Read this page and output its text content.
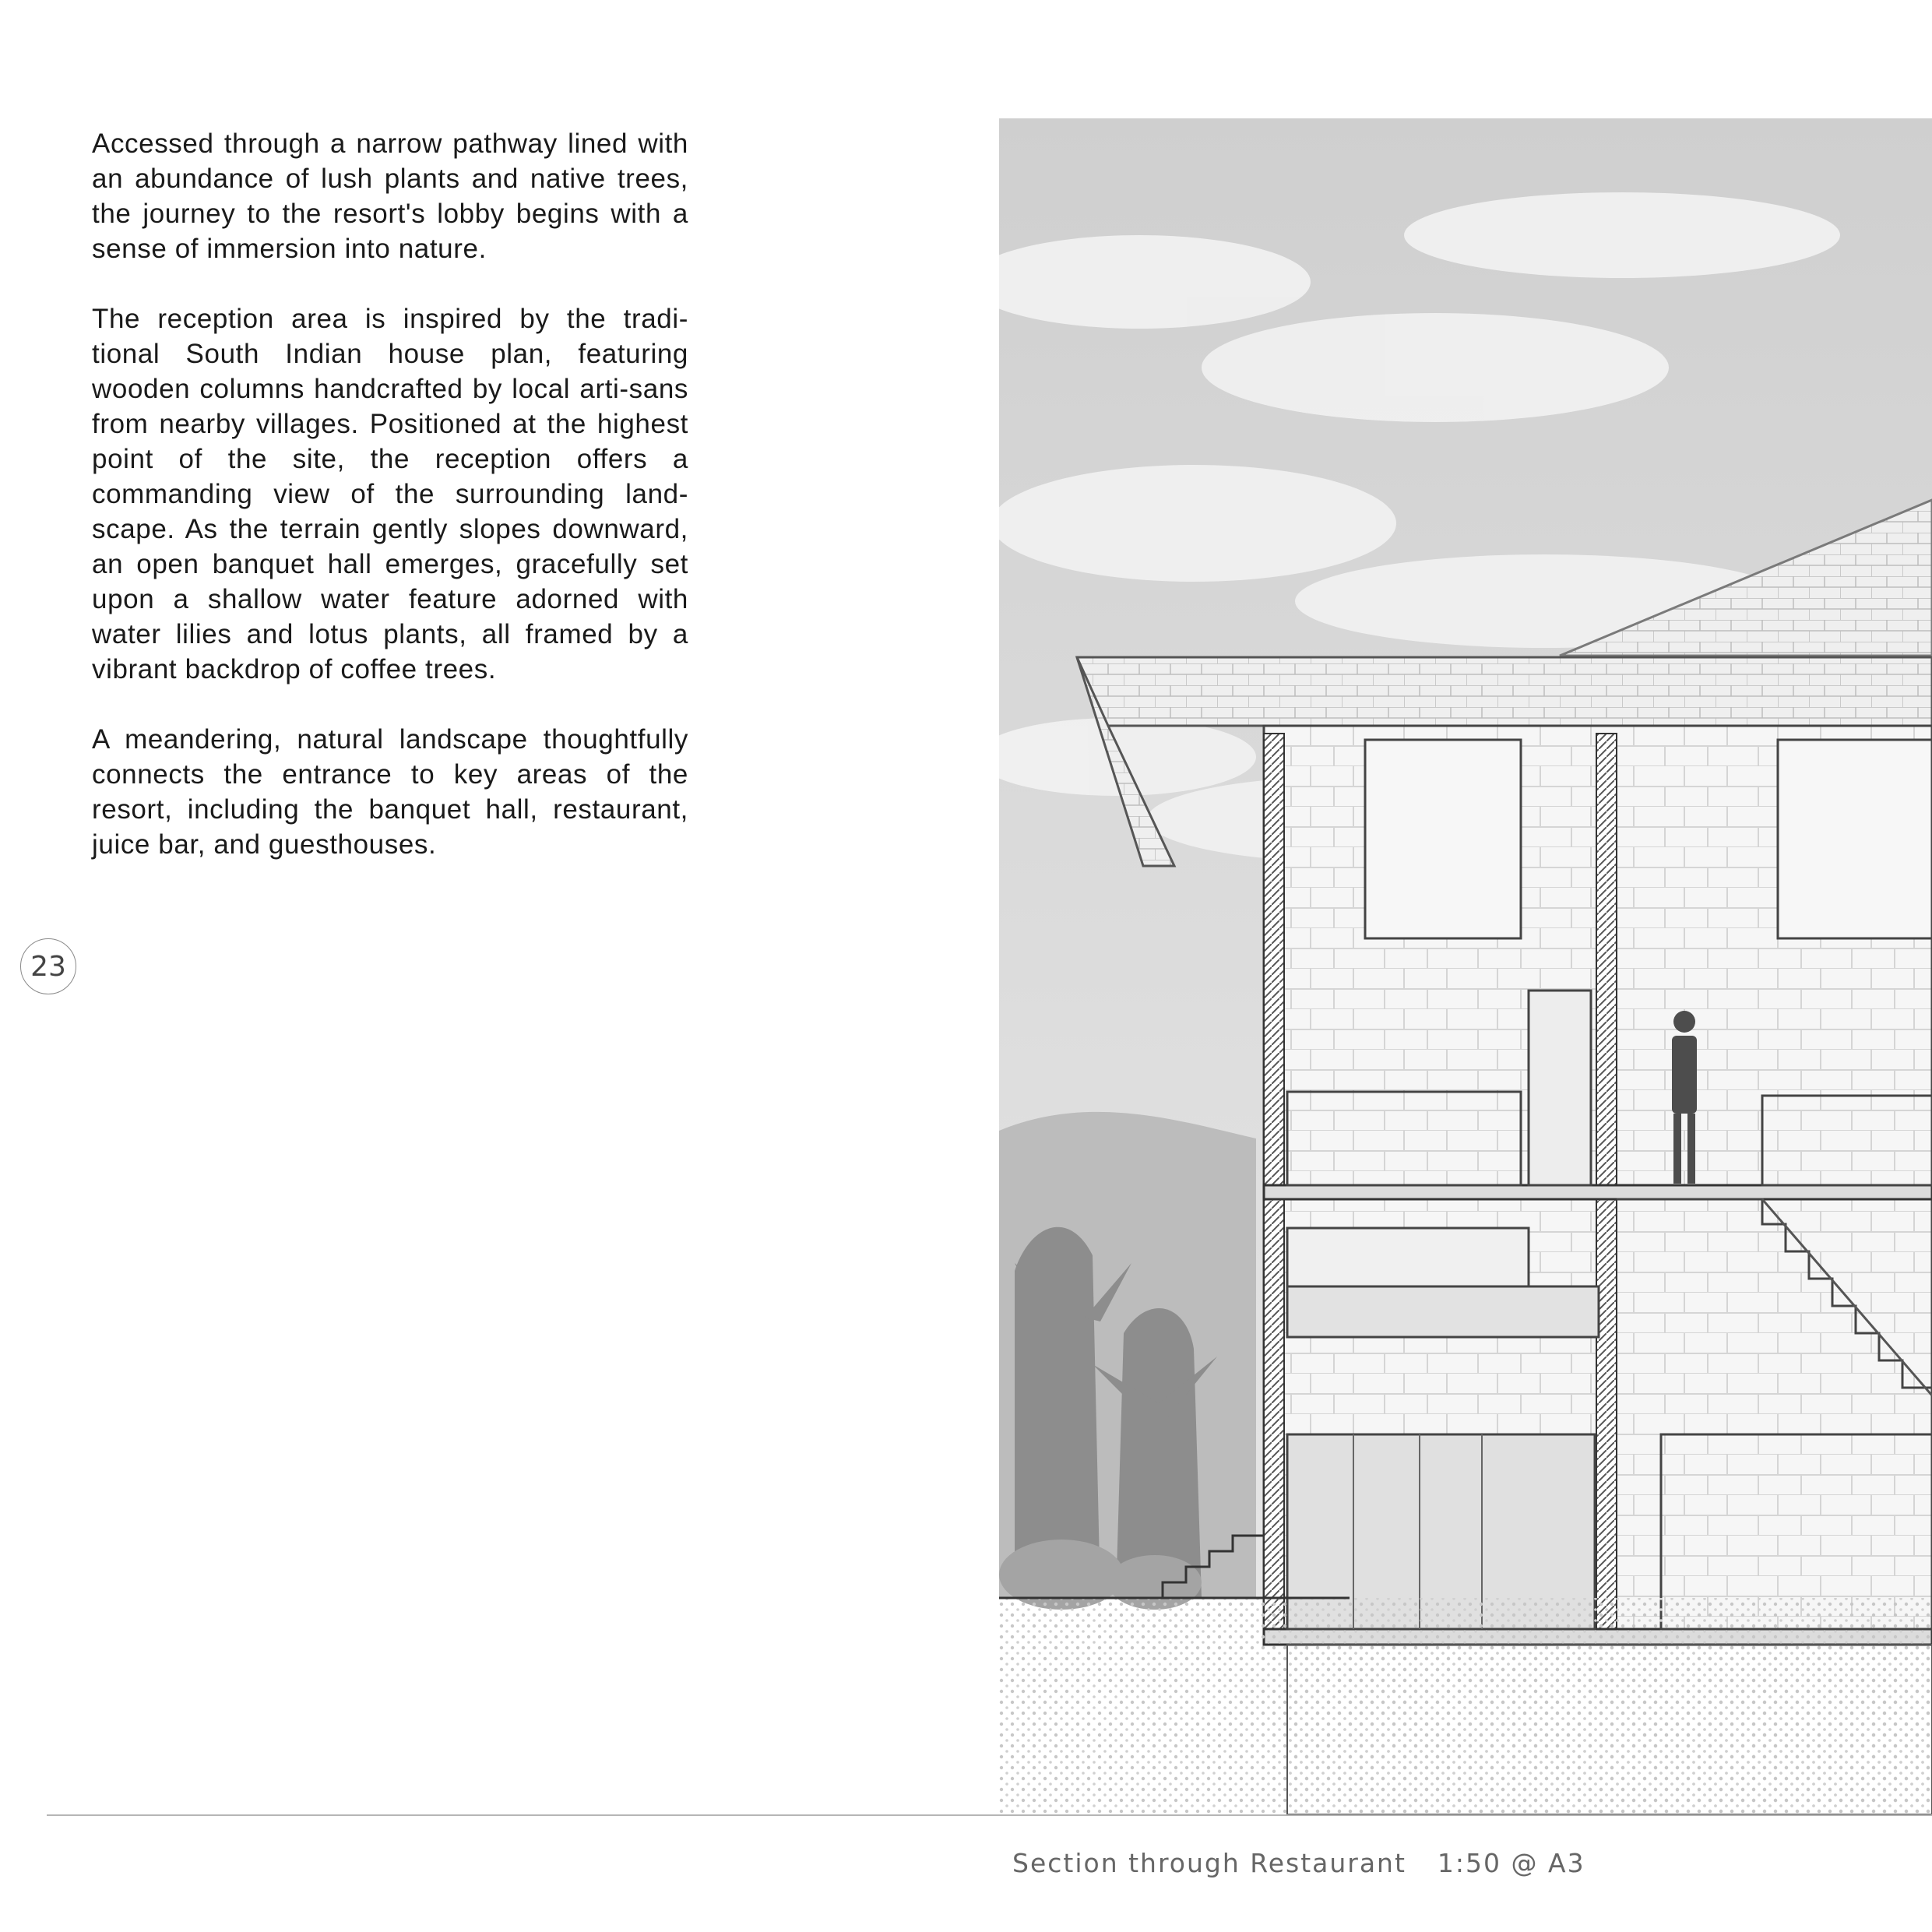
Accessed through a narrow pathway lined with an abundance of lush plants and native trees, the journey to the resort's lobby begins with a sense of immersion into nature.

The reception area is inspired by the tradi-tional South Indian house plan, featuring wooden columns handcrafted by local arti-sans from nearby villages. Positioned at the highest point of the site, the reception offers a commanding view of the surrounding land-scape. As the terrain gently slopes downward, an open banquet hall emerges, gracefully set upon a shallow water feature adorned with water lilies and lotus plants, all framed by a vibrant backdrop of coffee trees.

A meandering, natural landscape thoughtfully connects the entrance to key areas of the resort, including the banquet hall, restaurant, juice bar, and guesthouses.

23
Section through Restaurant 1:50 @ A3
